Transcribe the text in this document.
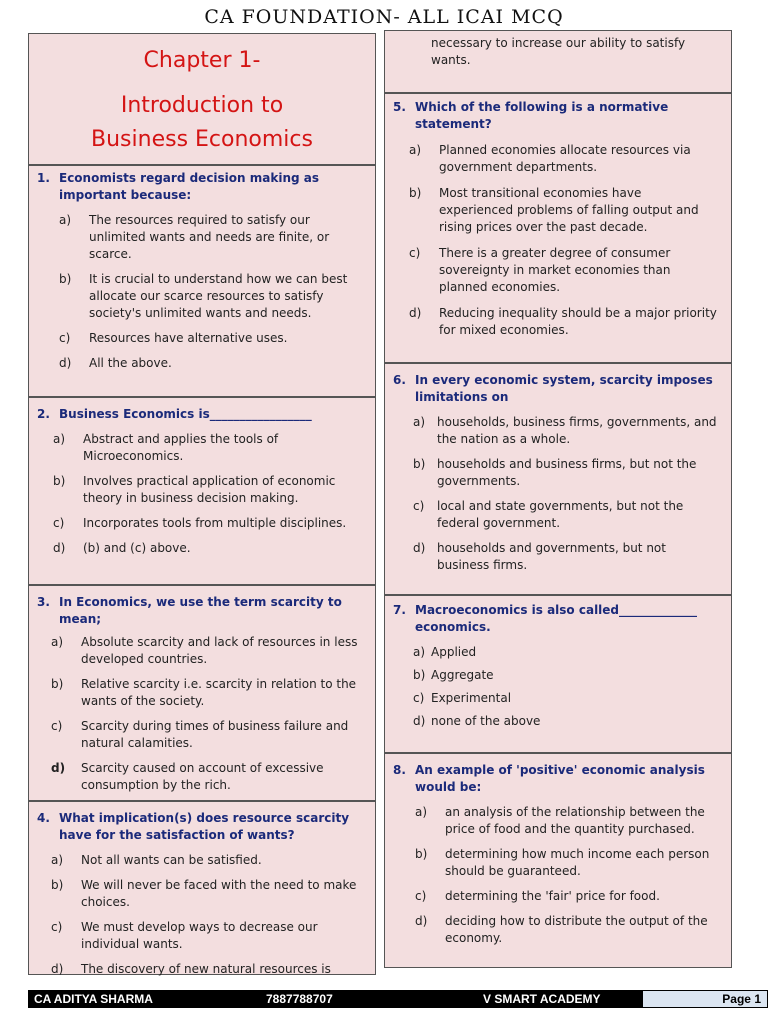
CA FOUNDATION- ALL ICAI MCQ
Chapter 1-
Introduction to
Business Economics
1. Economists regard decision making as important because:
a) The resources required to satisfy our unlimited wants and needs are finite, or scarce.
b) It is crucial to understand how we can best allocate our scarce resources to satisfy society's unlimited wants and needs.
c) Resources have alternative uses.
d) All the above.
2. Business Economics is_________________
a) Abstract and applies the tools of Microeconomics.
b) Involves practical application of economic theory in business decision making.
c) Incorporates tools from multiple disciplines.
d) (b) and (c) above.
3. In Economics, we use the term scarcity to mean;
a) Absolute scarcity and lack of resources in less developed countries.
b) Relative scarcity i.e. scarcity in relation to the wants of the society.
c) Scarcity during times of business failure and natural calamities.
d) Scarcity caused on account of excessive consumption by the rich.
4. What implication(s) does resource scarcity have for the satisfaction of wants?
a) Not all wants can be satisfied.
b) We will never be faced with the need to make choices.
c) We must develop ways to decrease our individual wants.
d) The discovery of new natural resources is
necessary to increase our ability to satisfy wants.
5. Which of the following is a normative statement?
a) Planned economies allocate resources via government departments.
b) Most transitional economies have experienced problems of falling output and rising prices over the past decade.
c) There is a greater degree of consumer sovereignty in market economies than planned economies.
d) Reducing inequality should be a major priority for mixed economies.
6. In every economic system, scarcity imposes limitations on
a) households, business firms, governments, and the nation as a whole.
b) households and business firms, but not the governments.
c) local and state governments, but not the federal government.
d) households and governments, but not business firms.
7. Macroeconomics is also called_____________ economics.
a) Applied
b) Aggregate
c) Experimental
d) none of the above
8. An example of 'positive' economic analysis would be:
a) an analysis of the relationship between the price of food and the quantity purchased.
b) determining how much income each person should be guaranteed.
c) determining the 'fair' price for food.
d) deciding how to distribute the output of the economy.
CA ADITYA SHARMA	7887788707	V SMART ACADEMY	Page 1
